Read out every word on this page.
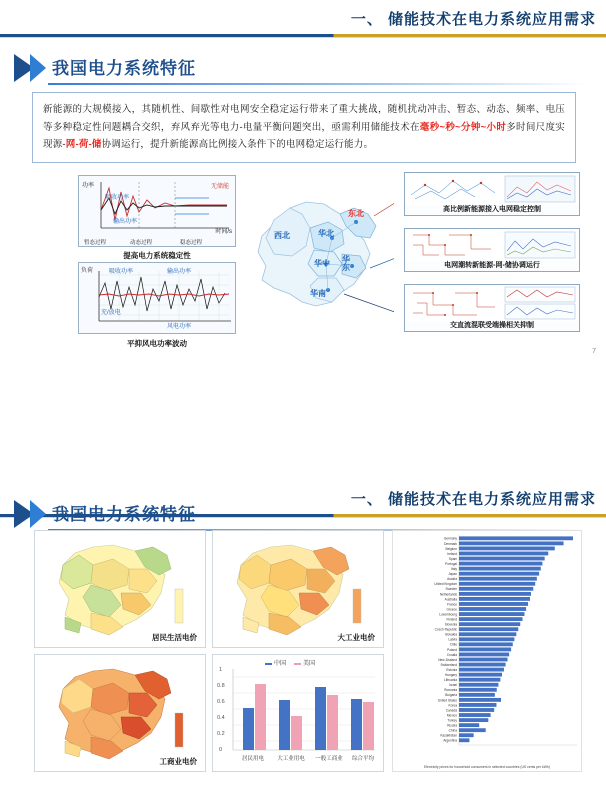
一、 储能技术在电力系统应用需求
我国电力系统特征
新能源的大规模接入，其随机性、间歇性对电网安全稳定运行带来了重大挑战，随机扰动冲击、暂态、动态、频率、电压等多种稳定性问题耦合交织，弃风弃光等电力-电量平衡问题突出，亟需利用储能技术在毫秒~秒~分钟~小时多时间尺度实现源-网-荷-储协调运行，提升新能源高比例接入条件下的电网稳定运行能力。
功率
时间/s
无储能
吸收功率
输出功率
提高电力系统稳定性
暂态过程	动态过程	稳态过程
负荷	吸收功率	输出功率
充/放电
风电功率
平抑风电功率波动
东北
西北	华北
华中 华东
华南
高比例新能源接入电网稳定控制
电网潮转新能源-网-储协调运行
交直流混联受端操相关抑制
7
一、 储能技术在电力系统应用需求
我国电力系统特征
居民生活电价	大工业电价
工商业电价
中国	美国
0
0.2
0.4
0.6
0.8
1
居民用电	大工业用电	一般工商业	综合平均
Germany
Denmark
Belgium
Ireland
Spain
Portugal
Italy
Japan
Austria
United Kingdom
Sweden
Netherlands
Australia
France
Greece
Luxembourg
Finland
Slovenia
Czech Republic
Slovakia
Latvia
Chile
Poland
Croatia
New Zealand
Switzerland
Estonia
Hungary
Lithuania
Israel
Romania
Bulgaria
United States
Korea
Canada
Mexico
Turkey
Russia
China
Kazakhstan
Argentina
Electricity prices for household consumers in selected countries (US cents per kWh)
